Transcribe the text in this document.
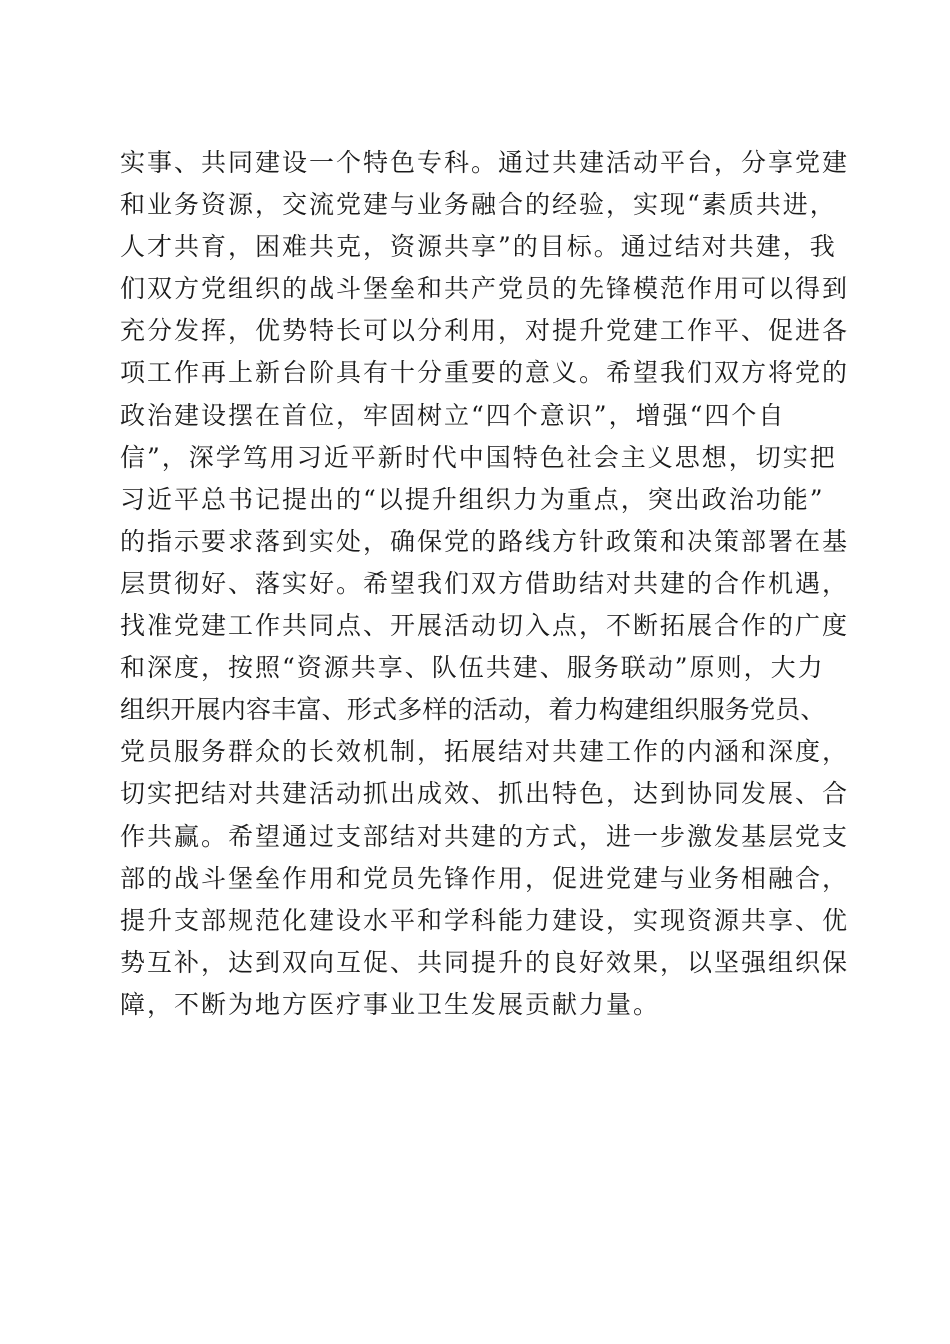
实事、共同建设一个特色专科。通过共建活动平台，分享党建
和业务资源，交流党建与业务融合的经验，实现“素质共进，
人才共育，困难共克，资源共享”的目标。通过结对共建，我
们双方党组织的战斗堡垒和共产党员的先锋模范作用可以得到
充分发挥，优势特长可以分利用，对提升党建工作平、促进各
项工作再上新台阶具有十分重要的意义。希望我们双方将党的
政治建设摆在首位，牢固树立“四个意识”，增强“四个自
信”，深学笃用习近平新时代中国特色社会主义思想，切实把
习近平总书记提出的“以提升组织力为重点，突出政治功能”
的指示要求落到实处，确保党的路线方针政策和决策部署在基
层贯彻好、落实好。希望我们双方借助结对共建的合作机遇，
找准党建工作共同点、开展活动切入点，不断拓展合作的广度
和深度，按照“资源共享、队伍共建、服务联动”原则，大力
组织开展内容丰富、形式多样的活动，着力构建组织服务党员、
党员服务群众的长效机制，拓展结对共建工作的内涵和深度，
切实把结对共建活动抓出成效、抓出特色，达到协同发展、合
作共赢。希望通过支部结对共建的方式，进一步激发基层党支
部的战斗堡垒作用和党员先锋作用，促进党建与业务相融合，
提升支部规范化建设水平和学科能力建设，实现资源共享、优
势互补，达到双向互促、共同提升的良好效果，以坚强组织保
障，不断为地方医疗事业卫生发展贡献力量。
